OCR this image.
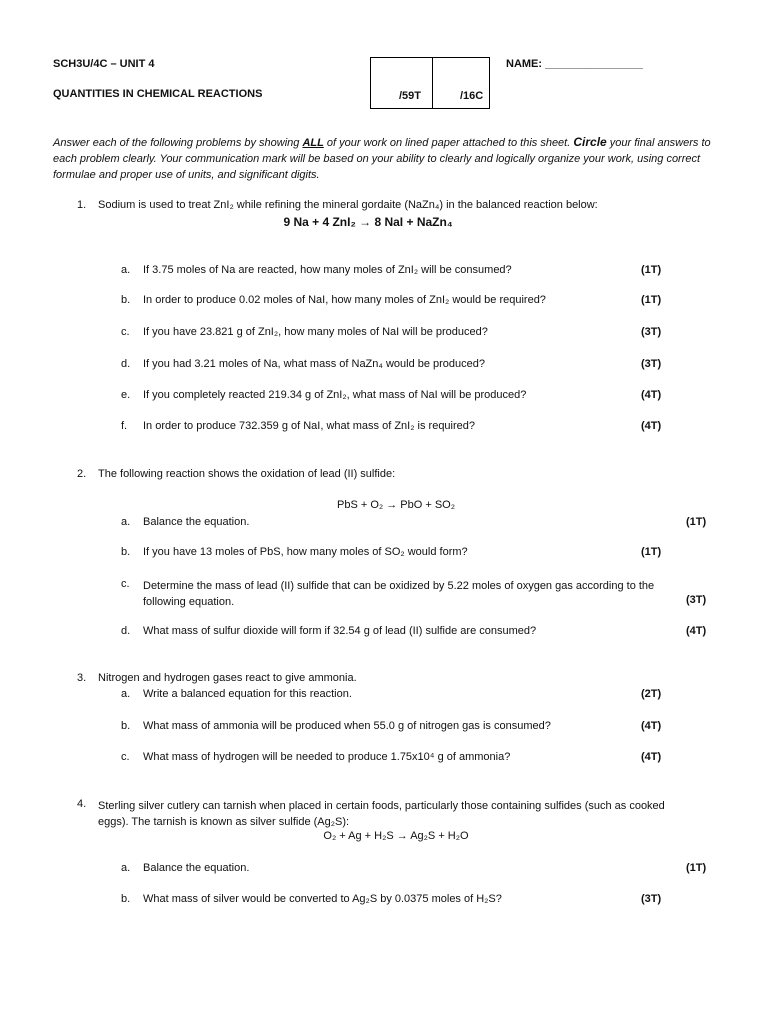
SCH3U/4C – UNIT 4
QUANTITIES IN CHEMICAL REACTIONS
NAME: ________________
/59T	/16C
Answer each of the following problems by showing ALL of your work on lined paper attached to this sheet. Circle your final answers to each problem clearly. Your communication mark will be based on your ability to clearly and logically organize your work, using correct formulae and proper use of units, and significant digits.
1. Sodium is used to treat ZnI₂ while refining the mineral gordaite (NaZn₄) in the balanced reaction below:
9 Na + 4 ZnI₂ → 8 NaI + NaZn₄
a. If 3.75 moles of Na are reacted, how many moles of ZnI₂ will be consumed?	(1T)
b. In order to produce 0.02 moles of NaI, how many moles of ZnI₂ would be required?	(1T)
c. If you have 23.821 g of ZnI₂, how many moles of NaI will be produced?	(3T)
d. If you had 3.21 moles of Na, what mass of NaZn₄ would be produced?	(3T)
e. If you completely reacted 219.34 g of ZnI₂, what mass of NaI will be produced?	(4T)
f. In order to produce 732.359 g of NaI, what mass of ZnI₂ is required?	(4T)
2. The following reaction shows the oxidation of lead (II) sulfide:
PbS + O₂ → PbO + SO₂
a. Balance the equation.	(1T)
b. If you have 13 moles of PbS, how many moles of SO₂ would form?	(1T)
c. Determine the mass of lead (II) sulfide that can be oxidized by 5.22 moles of oxygen gas according to the following equation.	(3T)
d. What mass of sulfur dioxide will form if 32.54 g of lead (II) sulfide are consumed?	(4T)
3. Nitrogen and hydrogen gases react to give ammonia.
a. Write a balanced equation for this reaction.	(2T)
b. What mass of ammonia will be produced when 55.0 g of nitrogen gas is consumed?	(4T)
c. What mass of hydrogen will be needed to produce 1.75x10⁴ g of ammonia?	(4T)
4. Sterling silver cutlery can tarnish when placed in certain foods, particularly those containing sulfides (such as cooked eggs). The tarnish is known as silver sulfide (Ag₂S):
O₂ + Ag + H₂S → Ag₂S + H₂O
a. Balance the equation.	(1T)
b. What mass of silver would be converted to Ag₂S by 0.0375 moles of H₂S?	(3T)
